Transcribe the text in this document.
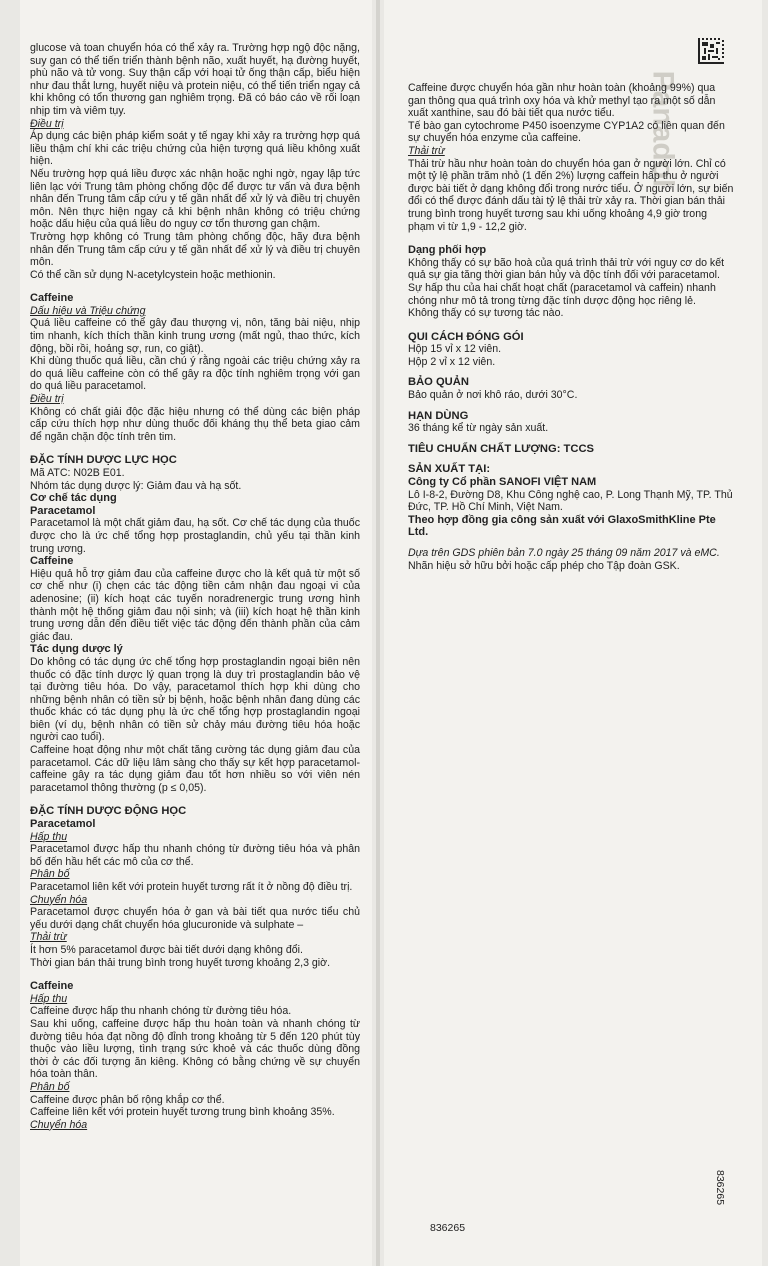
Panadol

glucose và toan chuyển hóa có thể xảy ra. Trường hợp ngộ độc nặng, suy gan có thể tiến triển thành bệnh não, xuất huyết, hạ đường huyết, phù não và tử vong. Suy thận cấp với hoại tử ống thận cấp, biểu hiện như đau thắt lưng, huyết niệu và protein niệu, có thể tiến triển ngay cả khi không có tổn thương gan nghiêm trọng. Đã có báo cáo về rối loạn nhịp tim và viêm tụy.

Điều trị

Áp dụng các biện pháp kiểm soát y tế ngay khi xảy ra trường hợp quá liều thậm chí khi các triệu chứng của hiện tượng quá liều không xuất hiện.

Nếu trường hợp quá liều được xác nhận hoặc nghi ngờ, ngay lập tức liên lạc với Trung tâm phòng chống độc để được tư vấn và đưa bệnh nhân đến Trung tâm cấp cứu y tế gần nhất để xử lý và điều trị chuyên môn. Nên thực hiện ngay cả khi bệnh nhân không có triệu chứng hoặc dấu hiệu của quá liều do nguy cơ tổn thương gan chậm.

Trường hợp không có Trung tâm phòng chống độc, hãy đưa bệnh nhân đến Trung tâm cấp cứu y tế gần nhất để xử lý và điều trị chuyên môn.

Có thể cần sử dụng N-acetylcystein hoặc methionin.

Caffeine

Dấu hiệu và Triệu chứng

Quá liều caffeine có thể gây đau thượng vị, nôn, tăng bài niệu, nhịp tim nhanh, kích thích thần kinh trung ương (mất ngủ, thao thức, kích động, bồi rồi, hoảng sợ, run, co giật).

Khi dùng thuốc quá liều, cần chú ý rằng ngoài các triệu chứng xảy ra do quá liều caffeine còn có thể gây ra độc tính nghiêm trọng với gan do quá liều paracetamol.

Điều trị

Không có chất giải độc đặc hiệu nhưng có thể dùng các biện pháp cấp cứu thích hợp như dùng thuốc đối kháng thụ thể beta giao cảm để ngăn chặn độc tính trên tim.

ĐẶC TÍNH DƯỢC LỰC HỌC

Mã ATC: N02B E01.

Nhóm tác dụng dược lý: Giảm đau và hạ sốt.

Cơ chế tác dụng
Paracetamol

Paracetamol là một chất giảm đau, hạ sốt. Cơ chế tác dụng của thuốc được cho là ức chế tổng hợp prostaglandin, chủ yếu tại thần kinh trung ương.

Caffeine

Hiệu quả hỗ trợ giảm đau của caffeine được cho là kết quả từ một số cơ chế như (i) chẹn các tác động tiền cảm nhận đau ngoại vi của adenosine; (ii) kích hoạt các tuyến noradrenergic trung ương hình thành một hệ thống giảm đau nội sinh; và (iii) kích hoạt hệ thần kinh trung ương dẫn đến điều tiết việc tác động đến thành phần của cảm giác đau.

Tác dụng dược lý

Do không có tác dụng ức chế tổng hợp prostaglandin ngoại biên nên thuốc có đặc tính dược lý quan trọng là duy trì prostaglandin bảo vệ tại đường tiêu hóa. Do vậy, paracetamol thích hợp khi dùng cho những bệnh nhân có tiền sử bị bệnh, hoặc bệnh nhân đang dùng các thuốc khác có tác dụng phụ là ức chế tổng hợp prostaglandin ngoại biên (ví dụ, bệnh nhân có tiền sử chảy máu đường tiêu hóa hoặc người cao tuổi).

Caffeine hoạt động như một chất tăng cường tác dụng giảm đau của paracetamol. Các dữ liệu lâm sàng cho thấy sự kết hợp paracetamol-caffeine gây ra tác dụng giảm đau tốt hơn nhiều so với viên nén paracetamol thông thường (p ≤ 0,05).

ĐẶC TÍNH DƯỢC ĐỘNG HỌC
Paracetamol

Hấp thu

Paracetamol được hấp thu nhanh chóng từ đường tiêu hóa và phân bố đến hầu hết các mô của cơ thể.

Phân bố

Paracetamol liên kết với protein huyết tương rất ít ở nồng độ điều trị.

Chuyển hóa

Paracetamol được chuyển hóa ở gan và bài tiết qua nước tiểu chủ yếu dưới dạng chất chuyển hóa glucuronide và sulphate –

Thải trừ

Ít hơn 5% paracetamol được bài tiết dưới dạng không đổi.

Thời gian bán thải trung bình trong huyết tương khoảng 2,3 giờ.

Caffeine

Hấp thu

Caffeine được hấp thu nhanh chóng từ đường tiêu hóa.

Sau khi uống, caffeine được hấp thu hoàn toàn và nhanh chóng từ đường tiêu hóa đạt nồng độ đỉnh trong khoảng từ 5 đến 120 phút tùy thuộc vào liều lượng, tình trạng sức khoẻ và các thuốc dùng đồng thời ở các đối tượng ăn kiêng. Không có bằng chứng về sự chuyển hóa toàn thân.

Phân bố

Caffeine được phân bố rộng khắp cơ thể.

Caffeine liên kết với protein huyết tương trung bình khoảng 35%.

Chuyển hóa

Caffeine được chuyển hóa gần như hoàn toàn (khoảng 99%) qua gan thông qua quá trình oxy hóa và khử methyl tạo ra một số dẫn xuất xanthine, sau đó bài tiết qua nước tiểu.

Tế bào gan cytochrome P450 isoenzyme CYP1A2 có liên quan đến sự chuyển hóa enzyme của caffeine.

Thải trừ

Thải trừ hầu như hoàn toàn do chuyển hóa gan ở người lớn. Chỉ có một tỷ lệ phần trăm nhỏ (1 đến 2%) lượng caffein hấp thu ở người được bài tiết ở dạng không đổi trong nước tiểu. Ở người lớn, sự biến đổi có thể được đánh dấu tài tỷ lệ thải trừ xảy ra. Thời gian bán thải trung bình trong huyết tương sau khi uống khoảng 4,9 giờ trong phạm vi từ 1,9 - 12,2 giờ.

Dạng phối hợp

Không thấy có sự bão hoà của quá trình thải trừ với nguy cơ do kết quả sự gia tăng thời gian bán hủy và độc tính đối với paracetamol. Sự hấp thu của hai chất hoạt chất (paracetamol và caffein) nhanh chóng như mô tả trong từng đặc tính dược động học riêng lẻ.

Không thấy có sự tương tác nào.

QUI CÁCH ĐÓNG GÓI

Hộp 15 vỉ x 12 viên.

Hộp 2 vỉ x 12 viên.

BẢO QUẢN

Bảo quản ở nơi khô ráo, dưới 30°C.

HẠN DÙNG

36 tháng kể từ ngày sản xuất.

TIÊU CHUẨN CHẤT LƯỢNG: TCCS
SẢN XUẤT TẠI:
Công ty Cổ phần SANOFI VIỆT NAM

Lô I-8-2, Đường D8, Khu Công nghệ cao, P. Long Thạnh Mỹ, TP. Thủ Đức, TP. Hồ Chí Minh, Việt Nam.

Theo hợp đồng gia công sản xuất với GlaxoSmithKline Pte Ltd.

Dựa trên GDS phiên bản 7.0 ngày 25 tháng 09 năm 2017 và eMC.

Nhãn hiệu sở hữu bởi hoặc cấp phép cho Tập đoàn GSK.

836265
836265
